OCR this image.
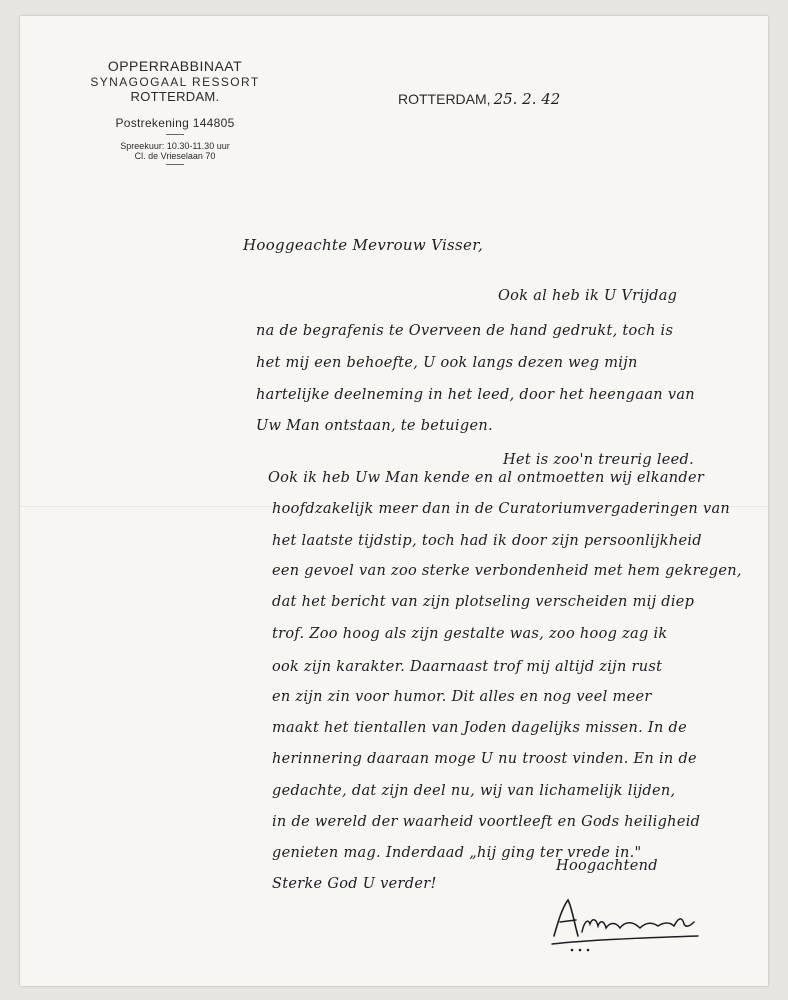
OPPERRABBINAAT
SYNAGOGAAL RESSORT
ROTTERDAM.
Postrekening 144805
Spreekuur: 10.30-11.30 uur
Cl. de Vrieselaan 70
ROTTERDAM, 25. 2. 42
Hooggeachte Mevrouw Visser,
Ook al heb ik U Vrijdag
na de begrafenis te Overveen de hand gedrukt, toch is
het mij een behoefte, U ook langs dezen weg mijn
hartelijke deelneming in het leed, door het heengaan van
Uw Man ontstaan, te betuigen.
Het is zoo'n treurig leed.
Ook ik heb Uw Man kende en al ontmoetten wij elkander
hoofdzakelijk meer dan in de Curatoriumvergaderingen van
het laatste tijdstip, toch had ik door zijn persoonlijkheid
een gevoel van zoo sterke verbondenheid met hem gekregen,
dat het bericht van zijn plotseling verscheiden mij diep
trof. Zoo hoog als zijn gestalte was, zoo hoog zag ik
ook zijn karakter. Daarnaast trof mij altijd zijn rust
en zijn zin voor humor. Dit alles en nog veel meer
maakt het tientallen van Joden dagelijks missen. In de
herinnering daaraan moge U nu troost vinden. En in de
gedachte, dat zijn deel nu, wij van lichamelijk lijden,
in de wereld der waarheid voortleeft en Gods heiligheid
genieten mag. Inderdaad „hij ging ter vrede in."
Sterke God U verder!
Hoogachtend
